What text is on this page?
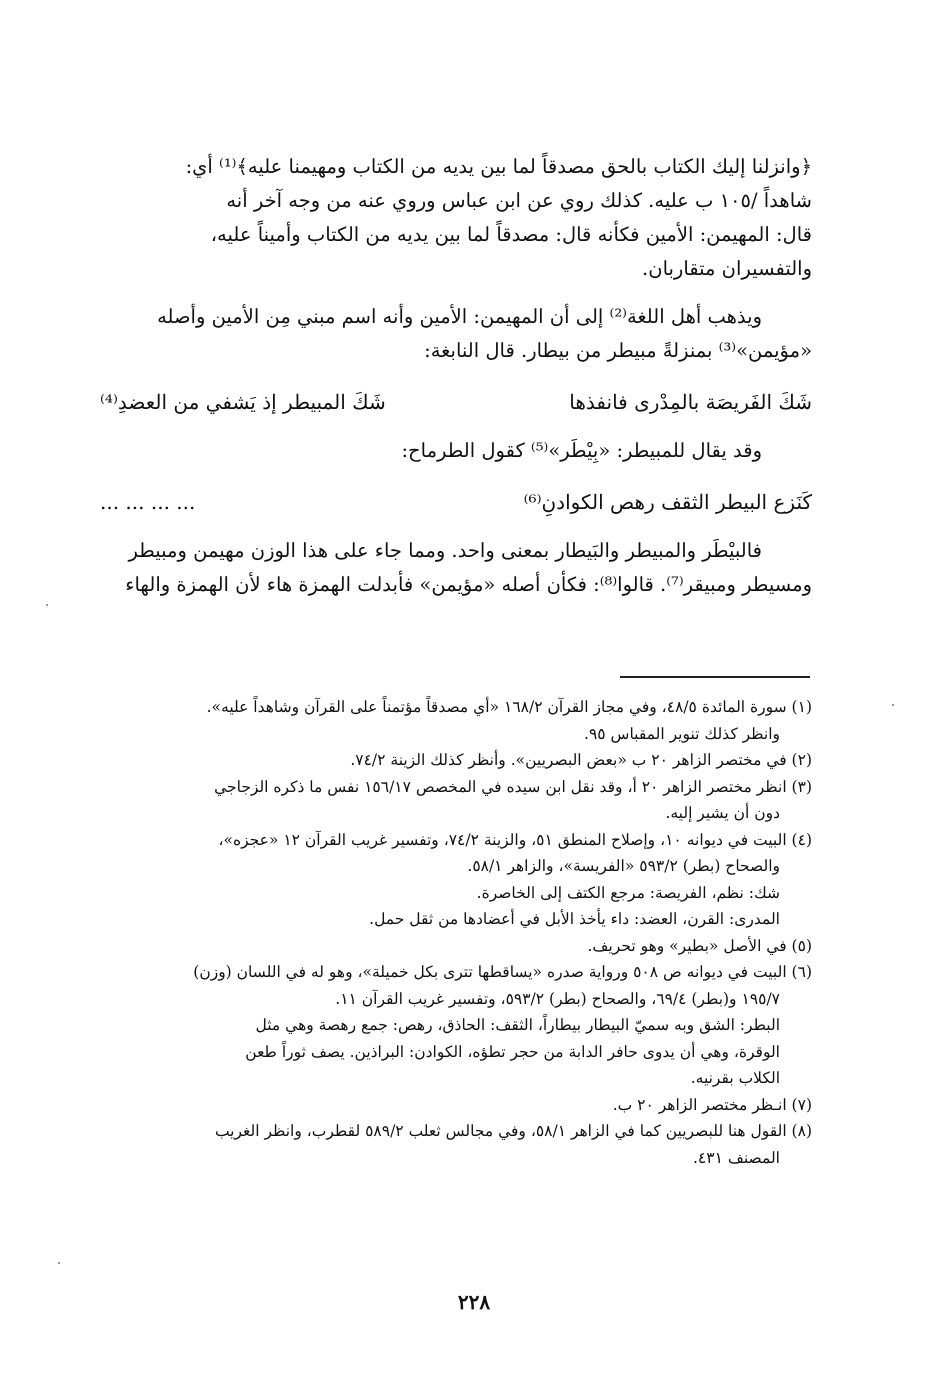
﴿وانزلنا إليك الكتاب بالحق مصدقاً لما بين يديه من الكتاب ومهيمنا عليه﴾⁽¹⁾ أي:
شاهداً /١٠٥ ب عليه. كذلك روي عن ابن عباس وروي عنه من وجه آخر أنه
قال: المهيمن: الأمين فكأنه قال: مصدقاً لما بين يديه من الكتاب وأميناً عليه،
والتفسيران متقاربان.
ويذهب أهل اللغة⁽²⁾ إلى أن المهيمن: الأمين وأنه اسم مبني مِن الأمين وأصله
«مؤيمن»⁽³⁾ بمنزلةً مبيطر من بيطار. قال النابغة:
شَكَ الفَريصَة بالمِدْرى فانفذها
شَكَ المبيطر إذ يَشفي من العضدِ⁽⁴⁾
وقد يقال للمبيطر: «بِيْطَر»⁽⁵⁾ كقول الطرماح:
كَنَزع البيطر الثقف رهص الكوادنِ⁽⁶⁾
... ... ... ...
فالبيْطَر والمبيطر والبَيطار بمعنى واحد. ومما جاء على هذا الوزن مهيمن ومبيطر
ومسيطر ومبيقر⁽⁷⁾. قالوا⁽⁸⁾: فكأن أصله «مؤيمن» فأبدلت الهمزة هاء لأن الهمزة والهاء
(١) سورة المائدة ٤٨/٥، وفي مجاز القرآن ١٦٨/٢ «أي مصدقاً مؤتمناً على القرآن وشاهداً عليه».
وانظر كذلك تنوير المقباس ٩٥.
(٢) في مختصر الزاهر ٢٠ ب «بعض البصريين». وأنظر كذلك الزينة ٧٤/٢.
(٣) انظر مختصر الزاهر ٢٠ أ، وقد نقل ابن سيده في المخصص ١٥٦/١٧ نفس ما ذكره الزجاجي
دون أن يشير إليه.
(٤) البيت في ديوانه ١٠، وإصلاح المنطق ٥١، والزينة ٧٤/٢، وتفسير غريب القرآن ١٢ «عجزه»،
والصحاح (بطر) ٥٩٣/٢ «الفريسة»، والزاهر ٥٨/١.
شك: نظم، الفريصة: مرجع الكتف إلى الخاصرة.
المدرى: القرن، العضد: داء يأخذ الأبل في أعضادها من ثقل حمل.
(٥) في الأصل «بطير» وهو تحريف.
(٦) البيت في ديوانه ص ٥٠٨ ورواية صدره «يساقطها تترى بكل خميلة»، وهو له في اللسان (وزن)
١٩٥/٧ و(بطر) ٦٩/٤، والصحاح (بطر) ٥٩٣/٢، وتفسير غريب القرآن ١١.
البطر: الشق وبه سميّ البيطار بيطاراً، الثقف: الحاذق، رهص: جمع رهصة وهي مثل
الوقرة، وهي أن يدوى حافر الدابة من حجر تطؤه، الكوادن: البراذين. يصف ثوراً طعن
الكلاب بقرنيه.
(٧) انـظر مختصر الزاهر ٢٠ ب.
(٨) القول هنا للبصريين كما في الزاهر ٥٨/١، وفي مجالس ثعلب ٥٨٩/٢ لقطرب، وانظر الغريب
المصنف ٤٣١.
٢٢٨
